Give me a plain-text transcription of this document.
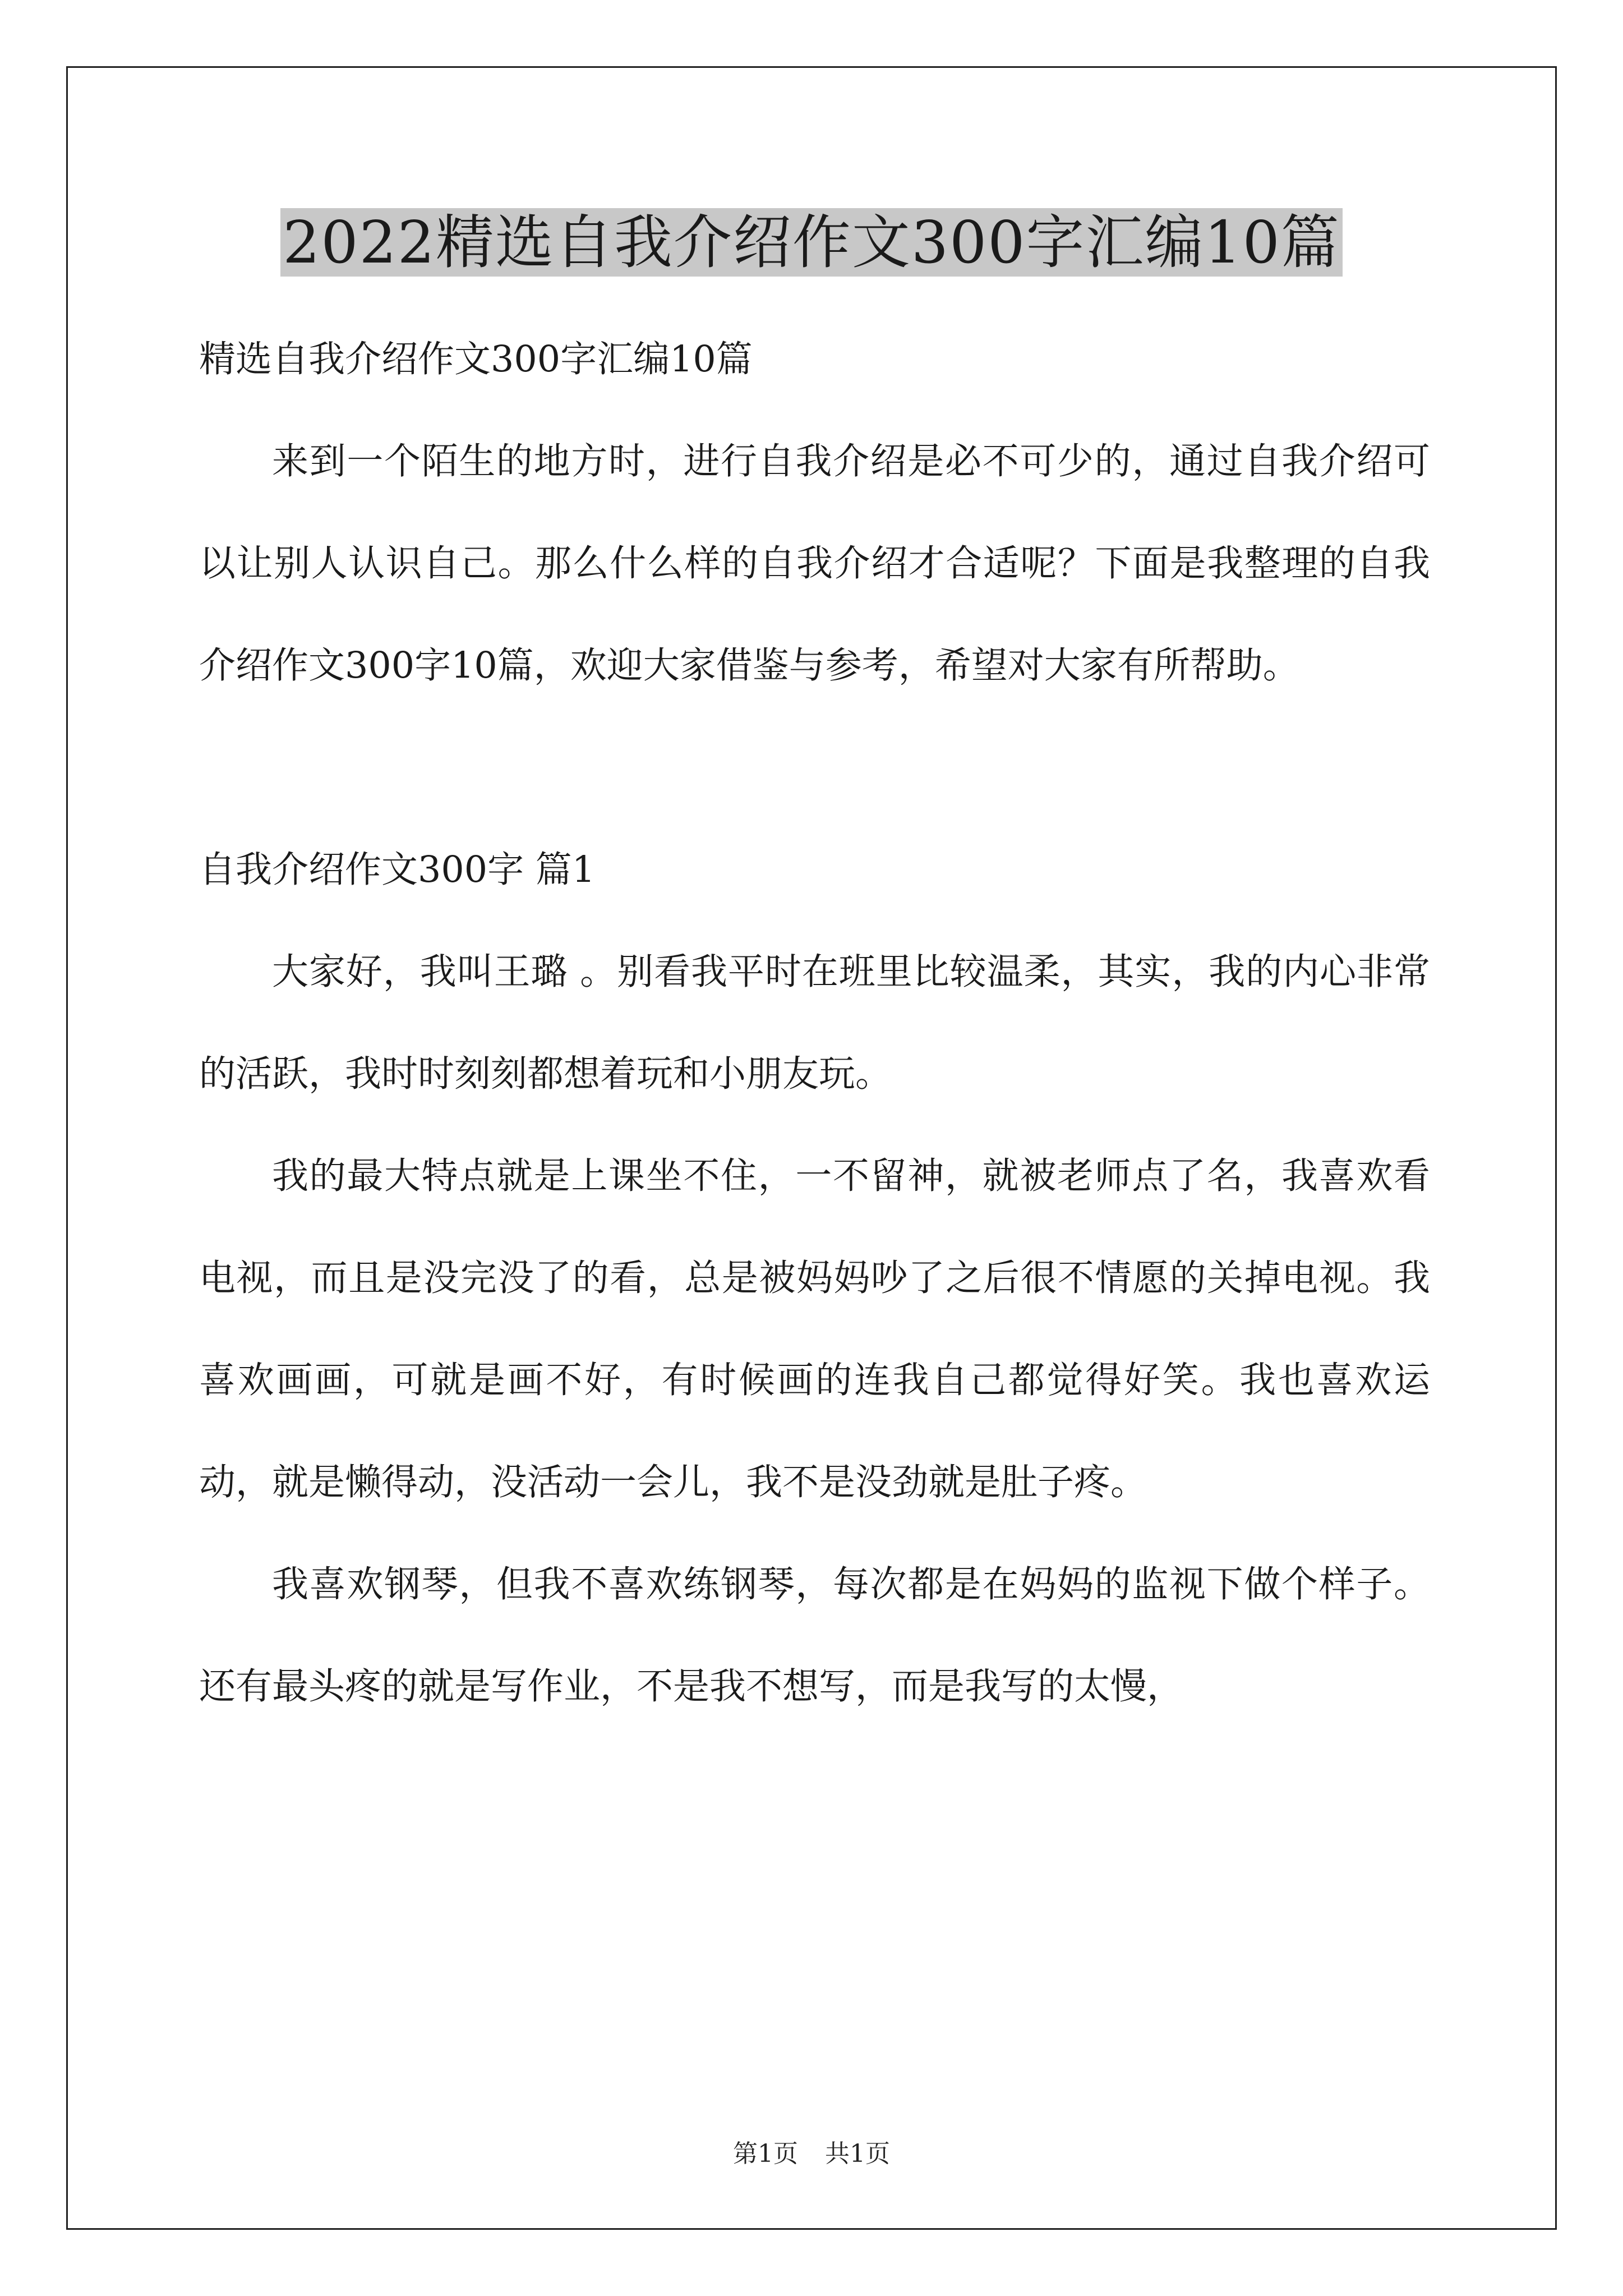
2022精选自我介绍作文300字汇编10篇

精选自我介绍作文300字汇编10篇

来到一个陌生的地方时，进行自我介绍是必不可少的，通过自我介绍可以让别人认识自己。那么什么样的自我介绍才合适呢？下面是我整理的自我介绍作文300字10篇，欢迎大家借鉴与参考，希望对大家有所帮助。

自我介绍作文300字 篇1

大家好，我叫王璐 。别看我平时在班里比较温柔，其实，我的内心非常的活跃，我时时刻刻都想着玩和小朋友玩。

我的最大特点就是上课坐不住，一不留神，就被老师点了名，我喜欢看电视，而且是没完没了的看，总是被妈妈吵了之后很不情愿的关掉电视。我喜欢画画，可就是画不好，有时候画的连我自己都觉得好笑。我也喜欢运动，就是懒得动，没活动一会儿，我不是没劲就是肚子疼。

我喜欢钢琴，但我不喜欢练钢琴，每次都是在妈妈的监视下做个样子。还有最头疼的就是写作业，不是我不想写，而是我写的太慢，

第1页 共1页
